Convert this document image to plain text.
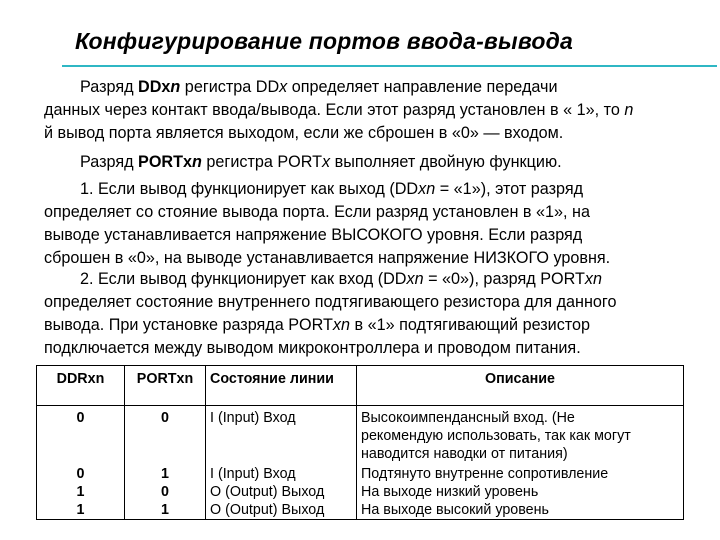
Конфигурирование портов ввода-вывода
Разряд DDxn регистра DDx определяет направление передачи
данных через контакт ввода/вывода. Если этот разряд установлен в « 1», то n
й вывод порта является выходом, если же сброшен в «0» — входом.
Разряд PORTxn регистра PORTx выполняет двойную функцию.
1. Если вывод функционирует как выход (DDxn = «1»), этот разряд
определяет со стояние вывода порта. Если разряд установлен в «1», на
выводе устанавливается напряжение ВЫСОКОГО уровня. Если разряд
сброшен в «0», на выводе устанавливается напряжение НИЗКОГО уровня.
2. Если вывод функционирует как вход (DDxn = «0»), разряд PORTxn
определяет состояние внутреннего подтягивающего резистора для данного
вывода. При установке разряда PORTxn в «1» подтягивающий резистор
подключается между выводом микроконтроллера и проводом питания.
DDRxn	PORTxn	Состояние линии	Описание
0	0	I (Input) Вход	Высокоимпендансный вход. (Не
рекомендую использовать, так как могут
наводится наводки от питания)

0	1	I (Input) Вход	Подтянуто внутренне сопротивление
1	0	O (Output) Выход	На выходе низкий уровень
1	1	O (Output) Выход	На выходе высокий уровень
